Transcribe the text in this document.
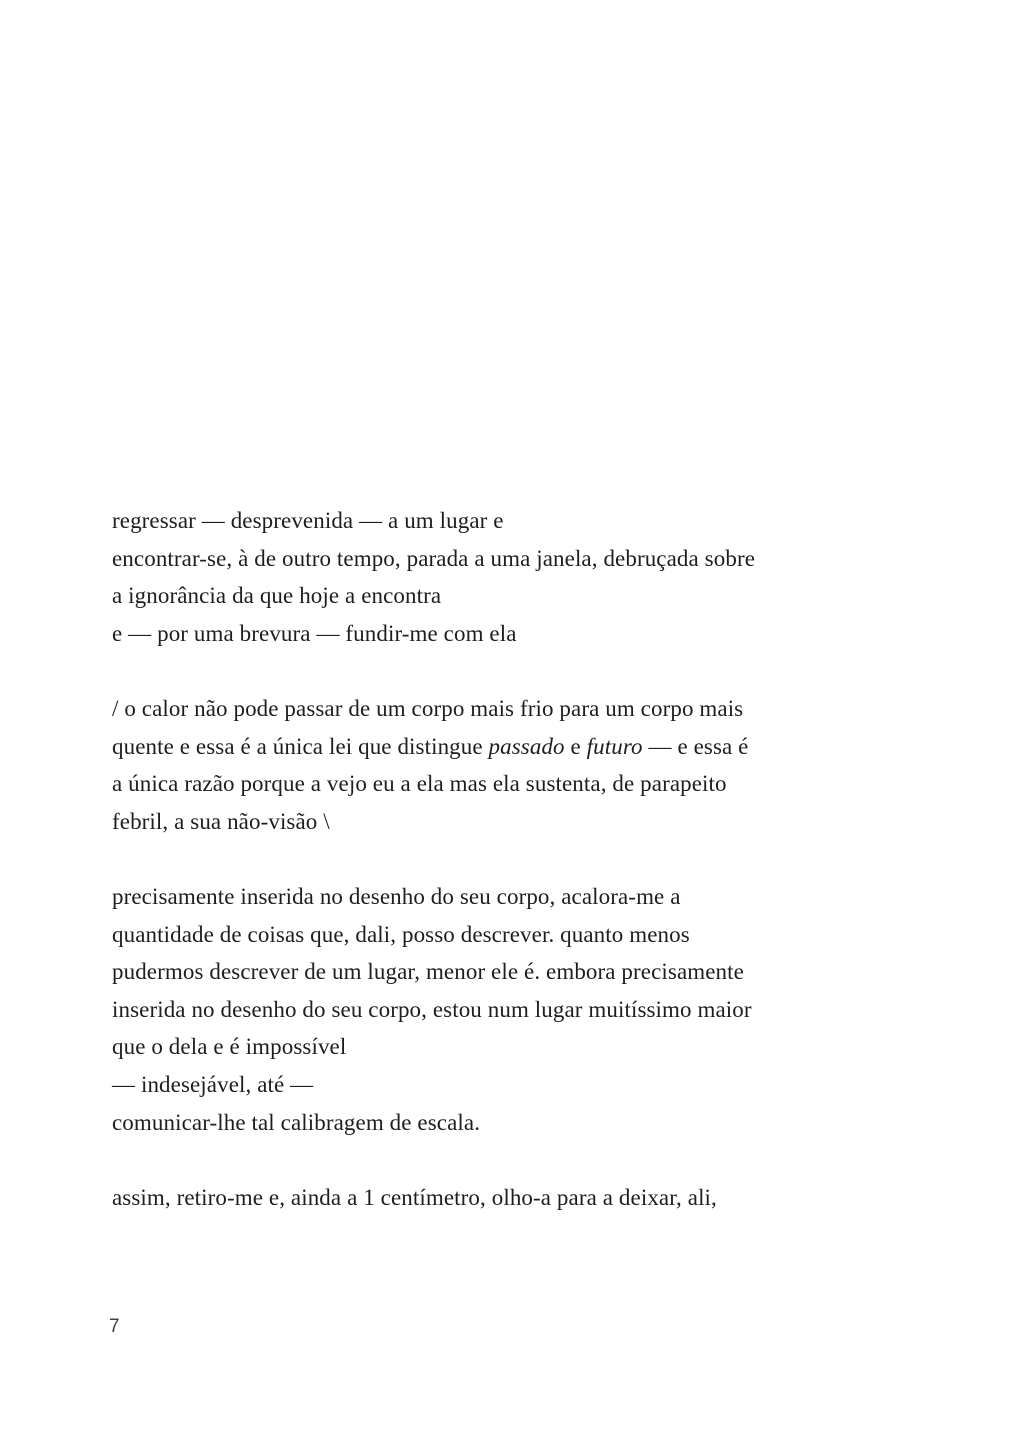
regressar — desprevenida — a um lugar e
encontrar-se, à de outro tempo, parada a uma janela, debruçada sobre
a ignorância da que hoje a encontra
e — por uma brevura — fundir-me com ela
/ o calor não pode passar de um corpo mais frio para um corpo mais
quente e essa é a única lei que distingue passado e futuro — e essa é
a única razão porque a vejo eu a ela mas ela sustenta, de parapeito
febril, a sua não-visão \
precisamente inserida no desenho do seu corpo, acalora-me a
quantidade de coisas que, dali, posso descrever. quanto menos
pudermos descrever de um lugar, menor ele é. embora precisamente
inserida no desenho do seu corpo, estou num lugar muitíssimo maior
que o dela e é impossível
— indesejável, até —
comunicar-lhe tal calibragem de escala.
assim, retiro-me e, ainda a 1 centímetro, olho-a para a deixar, ali,
7
